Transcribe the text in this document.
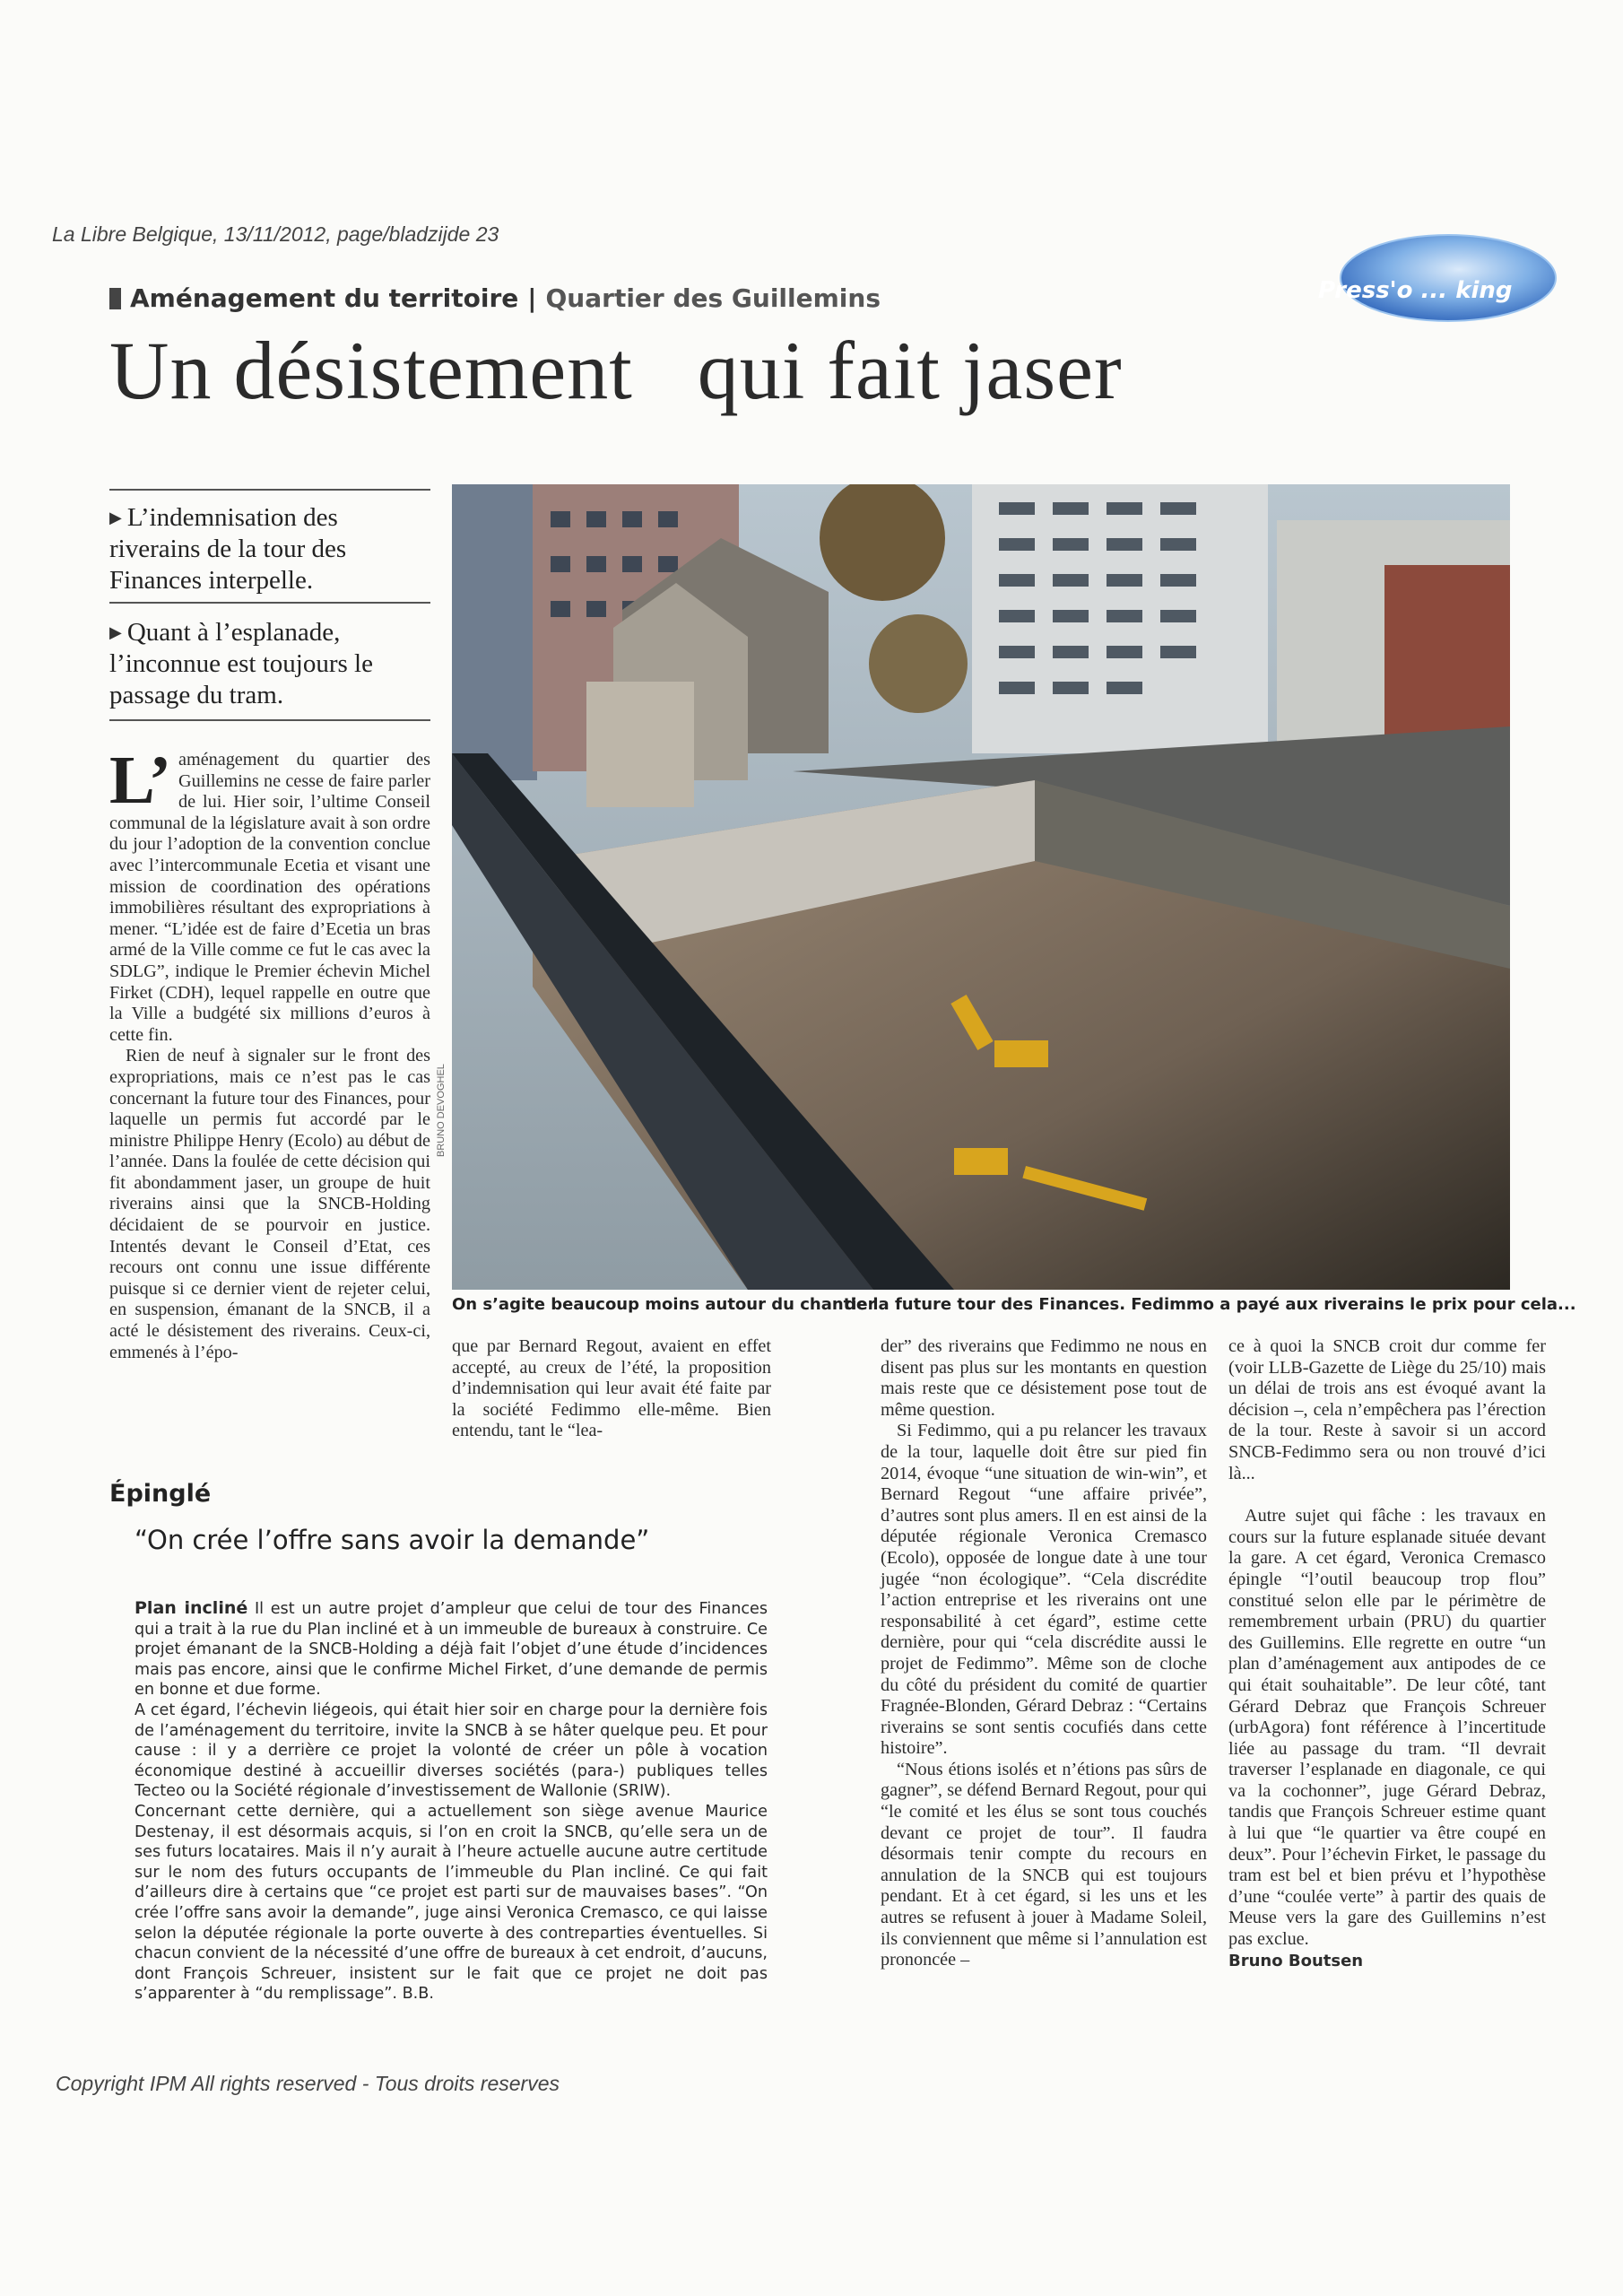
La Libre Belgique, 13/11/2012, page/bladzijde 23
Press'o ... king
Aménagement du territoire | Quartier des Guillemins
Un désistement qui fait jaser
▶ L’indemnisation des riverains de la tour des Finances interpelle.
▶ Quant à l’esplanade, l’inconnue est toujours le passage du tram.

L’ aménagement du quartier des Guillemins ne cesse de faire parler de lui. Hier soir, l’ultime Conseil communal de la législature avait à son ordre du jour l’adoption de la convention conclue avec l’intercommunale Ecetia et visant une mission de coordination des opérations immobilières résultant des expropriations à mener. “L’idée est de faire d’Ecetia un bras armé de la Ville comme ce fut le cas avec la SDLG”, indique le Premier échevin Michel Firket (CDH), lequel rappelle en outre que la Ville a budgété six millions d’euros à cette fin.

Rien de neuf à signaler sur le front des expropriations, mais ce n’est pas le cas concernant la future tour des Finances, pour laquelle un permis fut accordé par le ministre Philippe Henry (Ecolo) au début de l’année. Dans la foulée de cette décision qui fit abondamment jaser, un groupe de huit riverains ainsi que la SNCB-Holding décidaient de se pourvoir en justice. Intentés devant le Conseil d’Etat, ces recours ont connu une issue différente puisque si ce dernier vient de rejeter celui, en suspension, émanant de la SNCB, il a acté le désistement des riverains. Ceux-ci, emmenés à l’épo-

BRUNO DEVOGHEL
On s’agite beaucoup moins autour du chantier
de la future tour des Finances. Fedimmo a payé aux riverains le prix pour cela...

que par Bernard Regout, avaient en effet accepté, au creux de l’été, la proposition d’indemnisation qui leur avait été faite par la société Fedimmo elle-même. Bien entendu, tant le “lea-

der” des riverains que Fedimmo ne nous en disent pas plus sur les montants en question mais reste que ce désistement pose tout de même question.

Si Fedimmo, qui a pu relancer les travaux de la tour, laquelle doit être sur pied fin 2014, évoque “une situation de win-win”, et Bernard Regout “une affaire privée”, d’autres sont plus amers. Il en est ainsi de la députée régionale Veronica Cremasco (Ecolo), opposée de longue date à une tour jugée “non écologique”. “Cela discrédite l’action entreprise et les riverains ont une responsabilité à cet égard”, estime cette dernière, pour qui “cela discrédite aussi le projet de Fedimmo”. Même son de cloche du côté du président du comité de quartier Fragnée-Blonden, Gérard Debraz : “Certains riverains se sont sentis cocufiés dans cette histoire”.

“Nous étions isolés et n’étions pas sûrs de gagner”, se défend Bernard Regout, pour qui “le comité et les élus se sont tous couchés devant ce projet de tour”. Il faudra désormais tenir compte du recours en annulation de la SNCB qui est toujours pendant. Et à cet égard, si les uns et les autres se refusent à jouer à Madame Soleil, ils conviennent que même si l’annulation est prononcée –

ce à quoi la SNCB croit dur comme fer (voir LLB-Gazette de Liège du 25/10) mais un délai de trois ans est évoqué avant la décision –, cela n’empêchera pas l’érection de la tour. Reste à savoir si un accord SNCB-Fedimmo sera ou non trouvé d’ici là...

Autre sujet qui fâche : les travaux en cours sur la future esplanade située devant la gare. A cet égard, Veronica Cremasco épingle “l’outil beaucoup trop flou” constitué selon elle par le périmètre de remembrement urbain (PRU) du quartier des Guillemins. Elle regrette en outre “un plan d’aménagement aux antipodes de ce qui était souhaitable”. De leur côté, tant Gérard Debraz que François Schreuer (urbAgora) font référence à l’incertitude liée au passage du tram. “Il devrait traverser l’esplanade en diagonale, ce qui va la cochonner”, juge Gérard Debraz, tandis que François Schreuer estime quant à lui que “le quartier va être coupé en deux”. Pour l’échevin Firket, le passage du tram est bel et bien prévu et l’hypothèse d’une “coulée verte” à partir des quais de Meuse vers la gare des Guillemins n’est pas exclue.

Bruno Boutsen

Épinglé
“On crée l’offre sans avoir la demande”

Plan incliné Il est un autre projet d’ampleur que celui de tour des Finances qui a trait à la rue du Plan incliné et à un immeuble de bureaux à construire. Ce projet émanant de la SNCB-Holding a déjà fait l’objet d’une étude d’incidences mais pas encore, ainsi que le confirme Michel Firket, d’une demande de permis en bonne et due forme.

A cet égard, l’échevin liégeois, qui était hier soir en charge pour la dernière fois de l’aménagement du territoire, invite la SNCB à se hâter quelque peu. Et pour cause : il y a derrière ce projet la volonté de créer un pôle à vocation économique destiné à accueillir diverses sociétés (para-) publiques telles Tecteo ou la Société régionale d’investissement de Wallonie (SRIW).

Concernant cette dernière, qui a actuellement son siège avenue Maurice Destenay, il est désormais acquis, si l’on en croit la SNCB, qu’elle sera un de ses futurs locataires. Mais il n’y aurait à l’heure actuelle aucune autre certitude sur le nom des futurs occupants de l’immeuble du Plan incliné. Ce qui fait d’ailleurs dire à certains que “ce projet est parti sur de mauvaises bases”. “On crée l’offre sans avoir la demande”, juge ainsi Veronica Cremasco, ce qui laisse selon la députée régionale la porte ouverte à des contreparties éventuelles. Si chacun convient de la nécessité d’une offre de bureaux à cet endroit, d’aucuns, dont François Schreuer, insistent sur le fait que ce projet ne doit pas s’apparenter à “du remplissage”. B.B.

Copyright IPM All rights reserved - Tous droits reserves
